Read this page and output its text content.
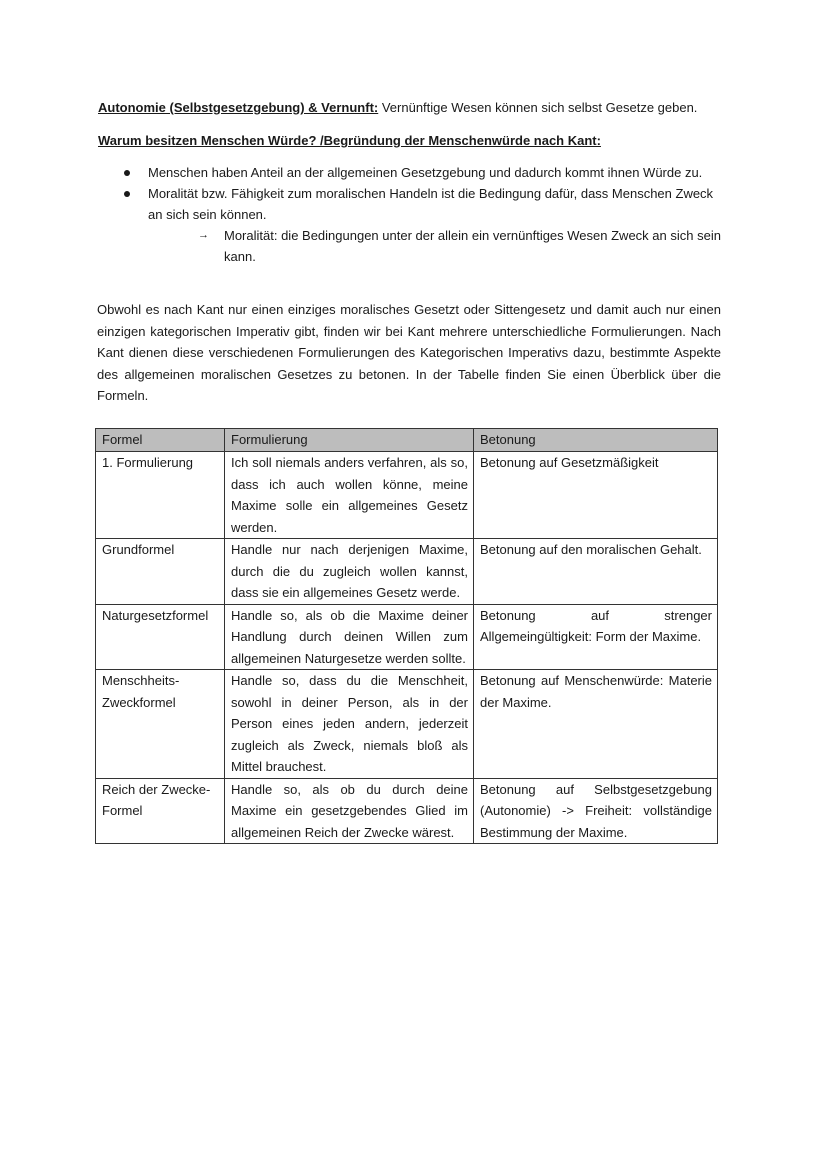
Autonomie (Selbstgesetzgebung) & Vernunft: Vernünftige Wesen können sich selbst Gesetze geben.
Warum besitzen Menschen Würde? /Begründung der Menschenwürde nach Kant:
Menschen haben Anteil an der allgemeinen Gesetzgebung und dadurch kommt ihnen Würde zu.
Moralität bzw. Fähigkeit zum moralischen Handeln ist die Bedingung dafür, dass Menschen Zweck an sich sein können.
→ Moralität: die Bedingungen unter der allein ein vernünftiges Wesen Zweck an sich sein kann.
Obwohl es nach Kant nur einen einziges moralisches Gesetzt oder Sittengesetz und damit auch nur einen einzigen kategorischen Imperativ gibt, finden wir bei Kant mehrere unterschiedliche Formulierungen. Nach Kant dienen diese verschiedenen Formulierungen des Kategorischen Imperativs dazu, bestimmte Aspekte des allgemeinen moralischen Gesetzes zu betonen. In der Tabelle finden Sie einen Überblick über die Formeln.
Formel	Formulierung	Betonung
1. Formulierung	Ich soll niemals anders verfahren, als so, dass ich auch wollen könne, meine Maxime solle ein allgemeines Gesetz werden.	Betonung auf Gesetzmäßigkeit
Grundformel	Handle nur nach derjenigen Maxime, durch die du zugleich wollen kannst, dass sie ein allgemeines Gesetz werde.	Betonung auf den moralischen Gehalt.
Naturgesetzformel	Handle so, als ob die Maxime deiner Handlung durch deinen Willen zum allgemeinen Naturgesetze werden sollte.	Betonung auf strenger Allgemeingültigkeit: Form der Maxime.
Menschheits-Zweckformel	Handle so, dass du die Menschheit, sowohl in deiner Person, als in der Person eines jeden andern, jederzeit zugleich als Zweck, niemals bloß als Mittel brauchest.	Betonung auf Menschenwürde: Materie der Maxime.
Reich der Zwecke-Formel	Handle so, als ob du durch deine Maxime ein gesetzgebendes Glied im allgemeinen Reich der Zwecke wärest.	Betonung auf Selbstgesetzgebung (Autonomie) -> Freiheit: vollständige Bestimmung der Maxime.
